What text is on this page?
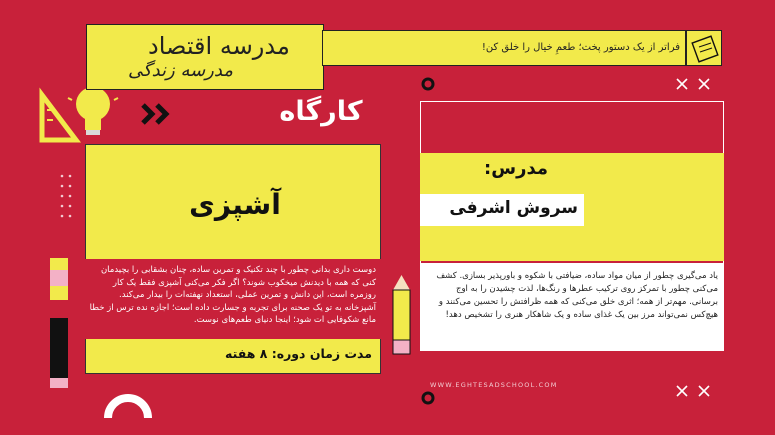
مدرسه اقتصاد
مدرسه زندگی
فراتر از یک دستور پخت؛ طعمِ خیال را خلق کن!
کارگاه
آشپزی
دوست داری بدانی چطور با چند تکنیک و تمرین ساده، چنان بشقابی را بچیدمان کنی که همه با دیدنش میخکوب شوند؟ اگر فکر می‌کنی آشپزی فقط یک کار روزمره است، این دانش و تمرین عملی، استعداد نهفته‌ات را بیدار می‌کند. آشپزخانه به تو یک صحنه برای تجربه و جسارت داده است؛ اجازه نده ترس از خطا مانع شکوفایی ات شود؛ اینجا دنیای طعم‌های نوست.
مدت زمان دوره: ۸ هفته
مدرس:
سروش اشرفی
یاد می‌گیری چطور از میان مواد ساده، ضیافتی با شکوه و باورپذیر بسازی. کشف می‌کنی چطور با تمرکز روی ترکیب عطرها و رنگ‌ها، لذت چشیدن را به اوج برسانی. مهم‌تر از همه؛ اثری خلق می‌کنی که همه ظرافتش را تحسین می‌کنند و هیچ‌کس نمی‌تواند مرز بین یک غذای ساده و یک شاهکار هنری را تشخیص دهد!
WWW.EGHTESADSCHOOL.COM
